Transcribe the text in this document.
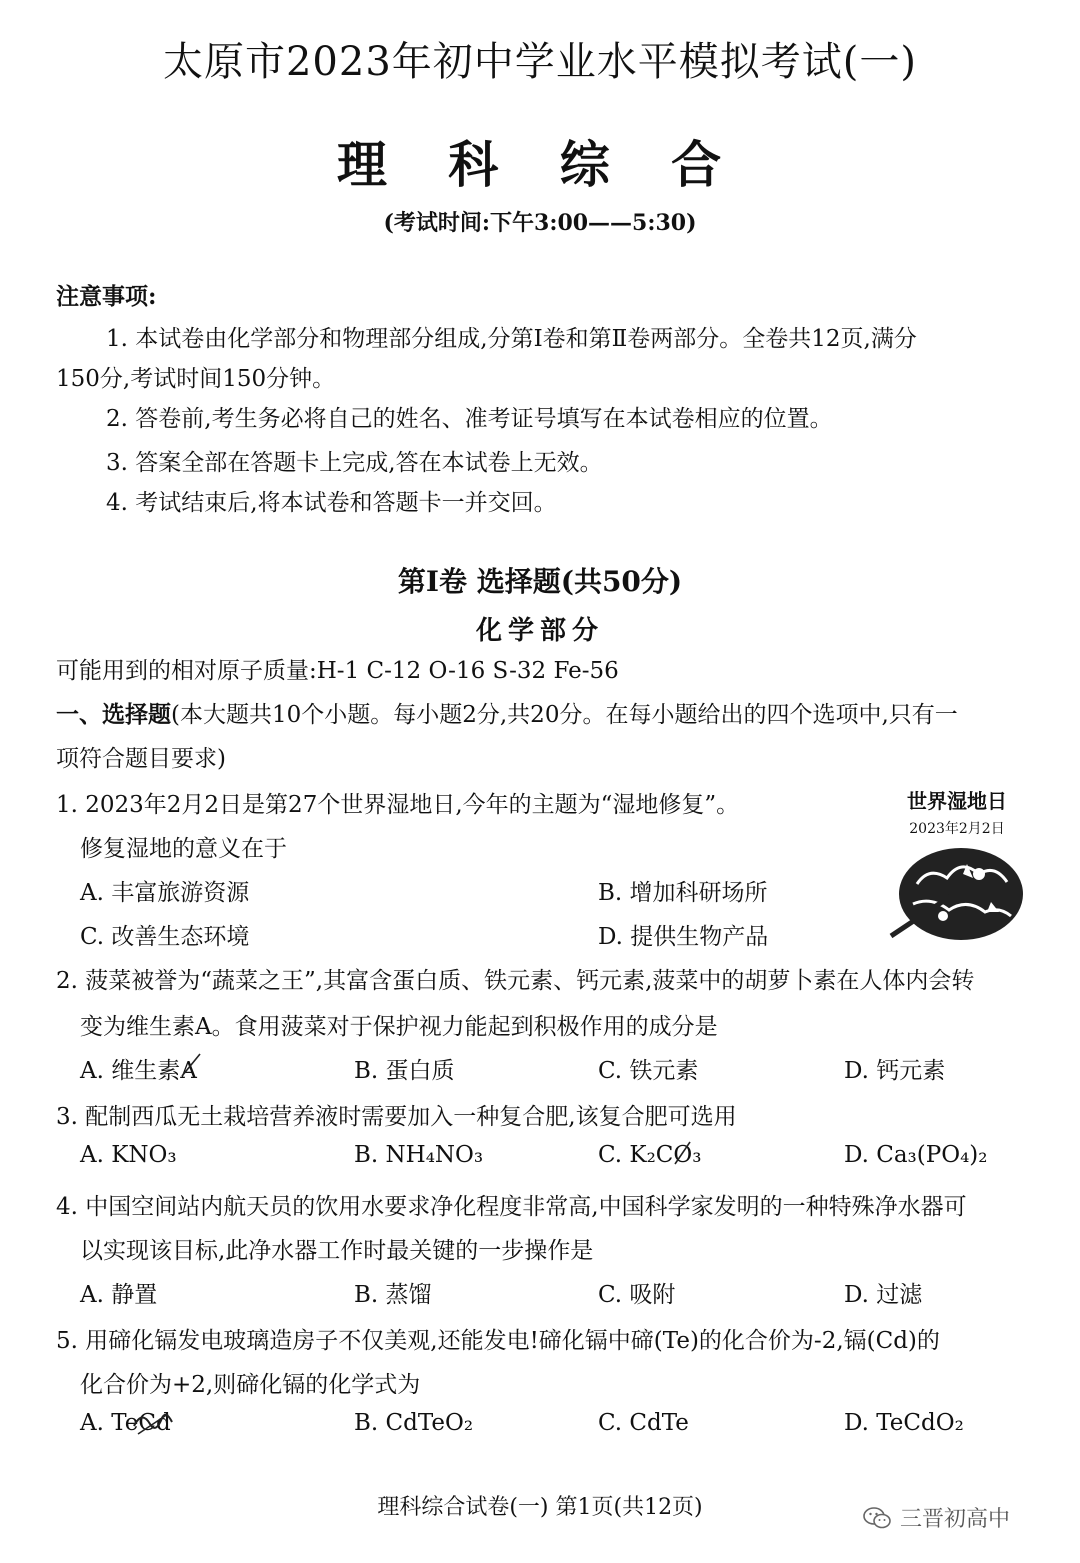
太原市2023年初中学业水平模拟考试(一)
理 科 综 合
(考试时间:下午3:00——5:30)
注意事项:
1. 本试卷由化学部分和物理部分组成,分第Ⅰ卷和第Ⅱ卷两部分。全卷共12页,满分
150分,考试时间150分钟。
2. 答卷前,考生务必将自己的姓名、准考证号填写在本试卷相应的位置。
3. 答案全部在答题卡上完成,答在本试卷上无效。
4. 考试结束后,将本试卷和答题卡一并交回。
第Ⅰ卷 选择题(共50分)
化学部分
可能用到的相对原子质量:H-1 C-12 O-16 S-32 Fe-56
一、选择题(本大题共10个小题。每小题2分,共20分。在每小题给出的四个选项中,只有一
项符合题目要求)
1. 2023年2月2日是第27个世界湿地日,今年的主题为“湿地修复”。
修复湿地的意义在于
A. 丰富旅游资源	B. 增加科研场所
C. 改善生态环境	D. 提供生物产品
世界湿地日
2023年2月2日
2. 菠菜被誉为“蔬菜之王”,其富含蛋白质、铁元素、钙元素,菠菜中的胡萝卜素在人体内会转
变为维生素A。食用菠菜对于保护视力能起到积极作用的成分是
A. 维生素A	B. 蛋白质	C. 铁元素	D. 钙元素
3. 配制西瓜无土栽培营养液时需要加入一种复合肥,该复合肥可选用
A. KNO₃	B. NH₄NO₃	C. K₂CO₃	D. Ca₃(PO₄)₂
4. 中国空间站内航天员的饮用水要求净化程度非常高,中国科学家发明的一种特殊净水器可
以实现该目标,此净水器工作时最关键的一步操作是
A. 静置	B. 蒸馏	C. 吸附	D. 过滤
5. 用碲化镉发电玻璃造房子不仅美观,还能发电!碲化镉中碲(Te)的化合价为-2,镉(Cd)的
化合价为+2,则碲化镉的化学式为
A. TeCd	B. CdTeO₂	C. CdTe	D. TeCdO₂
理科综合试卷(一) 第1页(共12页)	三晋初高中
